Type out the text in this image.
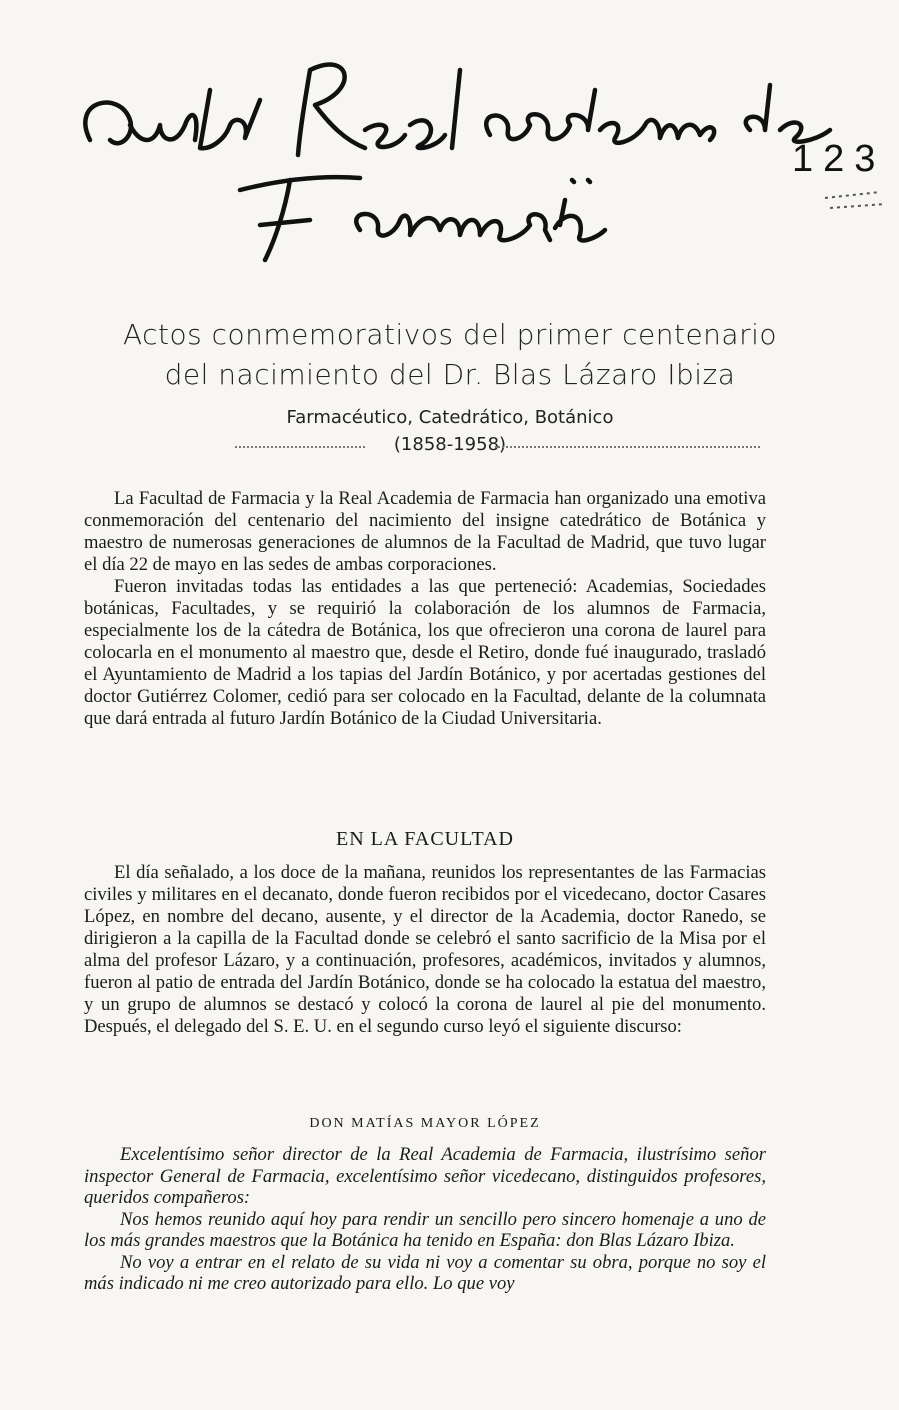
123
Actos conmemorativos del primer centenario
del nacimiento del Dr. Blas Lázaro Ibiza
Farmacéutico, Catedrático, Botánico
(1858-1958)

La Facultad de Farmacia y la Real Academia de Farmacia han organizado una emotiva conmemoración del centenario del nacimiento del insigne catedrático de Botánica y maestro de numerosas generaciones de alumnos de la Facultad de Madrid, que tuvo lugar el día 22 de mayo en las sedes de ambas corporaciones.

Fueron invitadas todas las entidades a las que perteneció: Academias, Sociedades botánicas, Facultades, y se requirió la colaboración de los alumnos de Farmacia, especialmente los de la cátedra de Botánica, los que ofrecieron una corona de laurel para colocarla en el monumento al maestro que, desde el Retiro, donde fué inaugurado, trasladó el Ayuntamiento de Madrid a los tapias del Jardín Botánico, y por acertadas gestiones del doctor Gutiérrez Colomer, cedió para ser colocado en la Facultad, delante de la columnata que dará entrada al futuro Jardín Botánico de la Ciudad Universitaria.

EN LA FACULTAD

El día señalado, a los doce de la mañana, reunidos los representantes de las Farmacias civiles y militares en el decanato, donde fueron recibidos por el vicedecano, doctor Casares López, en nombre del decano, ausente, y el director de la Academia, doctor Ranedo, se dirigieron a la capilla de la Facultad donde se celebró el santo sacrificio de la Misa por el alma del profesor Lázaro, y a continuación, profesores, académicos, invitados y alumnos, fueron al patio de entrada del Jardín Botánico, donde se ha colocado la estatua del maestro, y un grupo de alumnos se destacó y colocó la corona de laurel al pie del monumento. Después, el delegado del S. E. U. en el segundo curso leyó el siguiente discurso:

DON MATÍAS MAYOR LÓPEZ

Excelentísimo señor director de la Real Academia de Farmacia, ilustrísimo señor inspector General de Farmacia, excelentísimo señor vicedecano, distinguidos profesores, queridos compañeros:

Nos hemos reunido aquí hoy para rendir un sencillo pero sincero homenaje a uno de los más grandes maestros que la Botánica ha tenido en España: don Blas Lázaro Ibiza.

No voy a entrar en el relato de su vida ni voy a comentar su obra, porque no soy el más indicado ni me creo autorizado para ello. Lo que voy
